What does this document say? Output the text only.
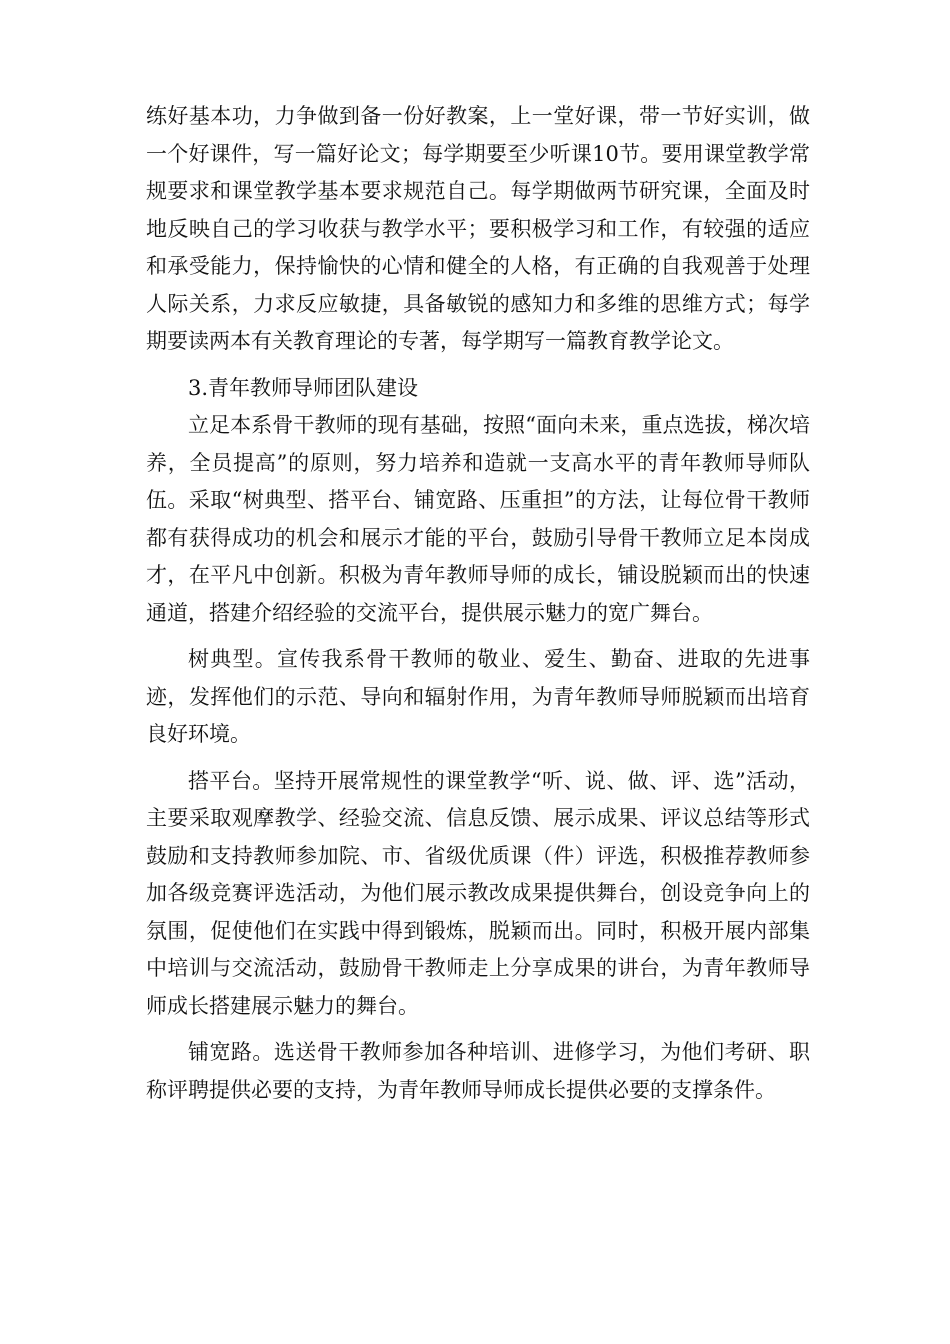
练好基本功，力争做到备一份好教案，上一堂好课，带一节好实训，做一个好课件，写一篇好论文；每学期要至少听课10节。要用课堂教学常规要求和课堂教学基本要求规范自己。每学期做两节研究课，全面及时地反映自己的学习收获与教学水平；要积极学习和工作，有较强的适应和承受能力，保持愉快的心情和健全的人格，有正确的自我观善于处理人际关系，力求反应敏捷，具备敏锐的感知力和多维的思维方式；每学期要读两本有关教育理论的专著，每学期写一篇教育教学论文。

3.青年教师导师团队建设

立足本系骨干教师的现有基础，按照“面向未来，重点选拔，梯次培养，全员提高”的原则，努力培养和造就一支高水平的青年教师导师队伍。采取“树典型、搭平台、铺宽路、压重担”的方法，让每位骨干教师都有获得成功的机会和展示才能的平台，鼓励引导骨干教师立足本岗成才，在平凡中创新。积极为青年教师导师的成长，铺设脱颖而出的快速通道，搭建介绍经验的交流平台，提供展示魅力的宽广舞台。

树典型。宣传我系骨干教师的敬业、爱生、勤奋、进取的先进事迹，发挥他们的示范、导向和辐射作用，为青年教师导师脱颖而出培育良好环境。

搭平台。坚持开展常规性的课堂教学“听、说、做、评、选”活动，主要采取观摩教学、经验交流、信息反馈、展示成果、评议总结等形式鼓励和支持教师参加院、市、省级优质课（件）评选，积极推荐教师参加各级竞赛评选活动，为他们展示教改成果提供舞台，创设竞争向上的氛围，促使他们在实践中得到锻炼，脱颖而出。同时，积极开展内部集中培训与交流活动，鼓励骨干教师走上分享成果的讲台，为青年教师导师成长搭建展示魅力的舞台。

铺宽路。选送骨干教师参加各种培训、进修学习，为他们考研、职称评聘提供必要的支持，为青年教师导师成长提供必要的支撑条件。
